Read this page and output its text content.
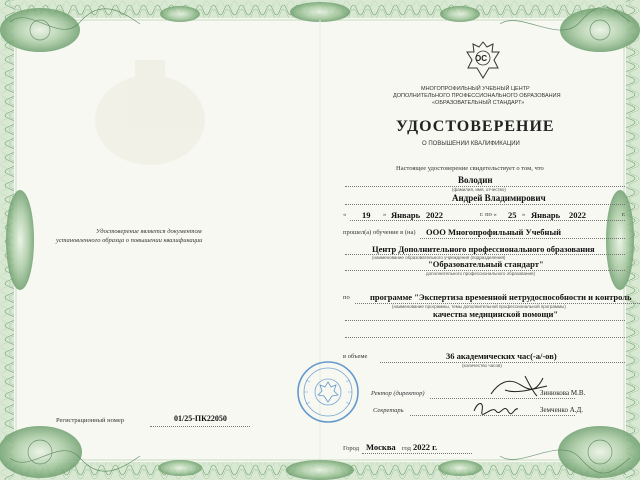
ОС
МНОГОПРОФИЛЬНЫЙ УЧЕБНЫЙ ЦЕНТР
ДОПОЛНИТЕЛЬНОГО ПРОФЕССИОНАЛЬНОГО ОБРАЗОВАНИЯ
«ОБРАЗОВАТЕЛЬНЫЙ СТАНДАРТ»
УДОСТОВЕРЕНИЕ
О ПОВЫШЕНИИ КВАЛИФИКАЦИИ
Удостоверение является документом
установленного образца о повышении квалификации
Регистрационный номер	01/25-ПК22050
Настоящее удостоверение свидетельствует о том, что
Володин
(фамилия, имя, отчество)
Андрей Владимирович
« 19 » Январь 2022	г. по « 25 » Январь 2022	г.
прошел(а) обучение в (на) ООО Многопрофильный Учебный
Центр Дополнительного профессионального образования
(наименование образовательного учреждения (подразделения)
"Образовательный стандарт"
дополнительного профессионального образования)
по программе "Экспертиза временной нетрудоспособности и контроль
(наименование программы, темы дополнительной профессиональной программы)
качества медицинской помощи"
в объеме	36 академических час(-а/-ов)
(количество часов)
Ректор (директор)	Зинюкова М.В.
Секретарь	Земченко А.Д.
Город Москва год 2022 г.
